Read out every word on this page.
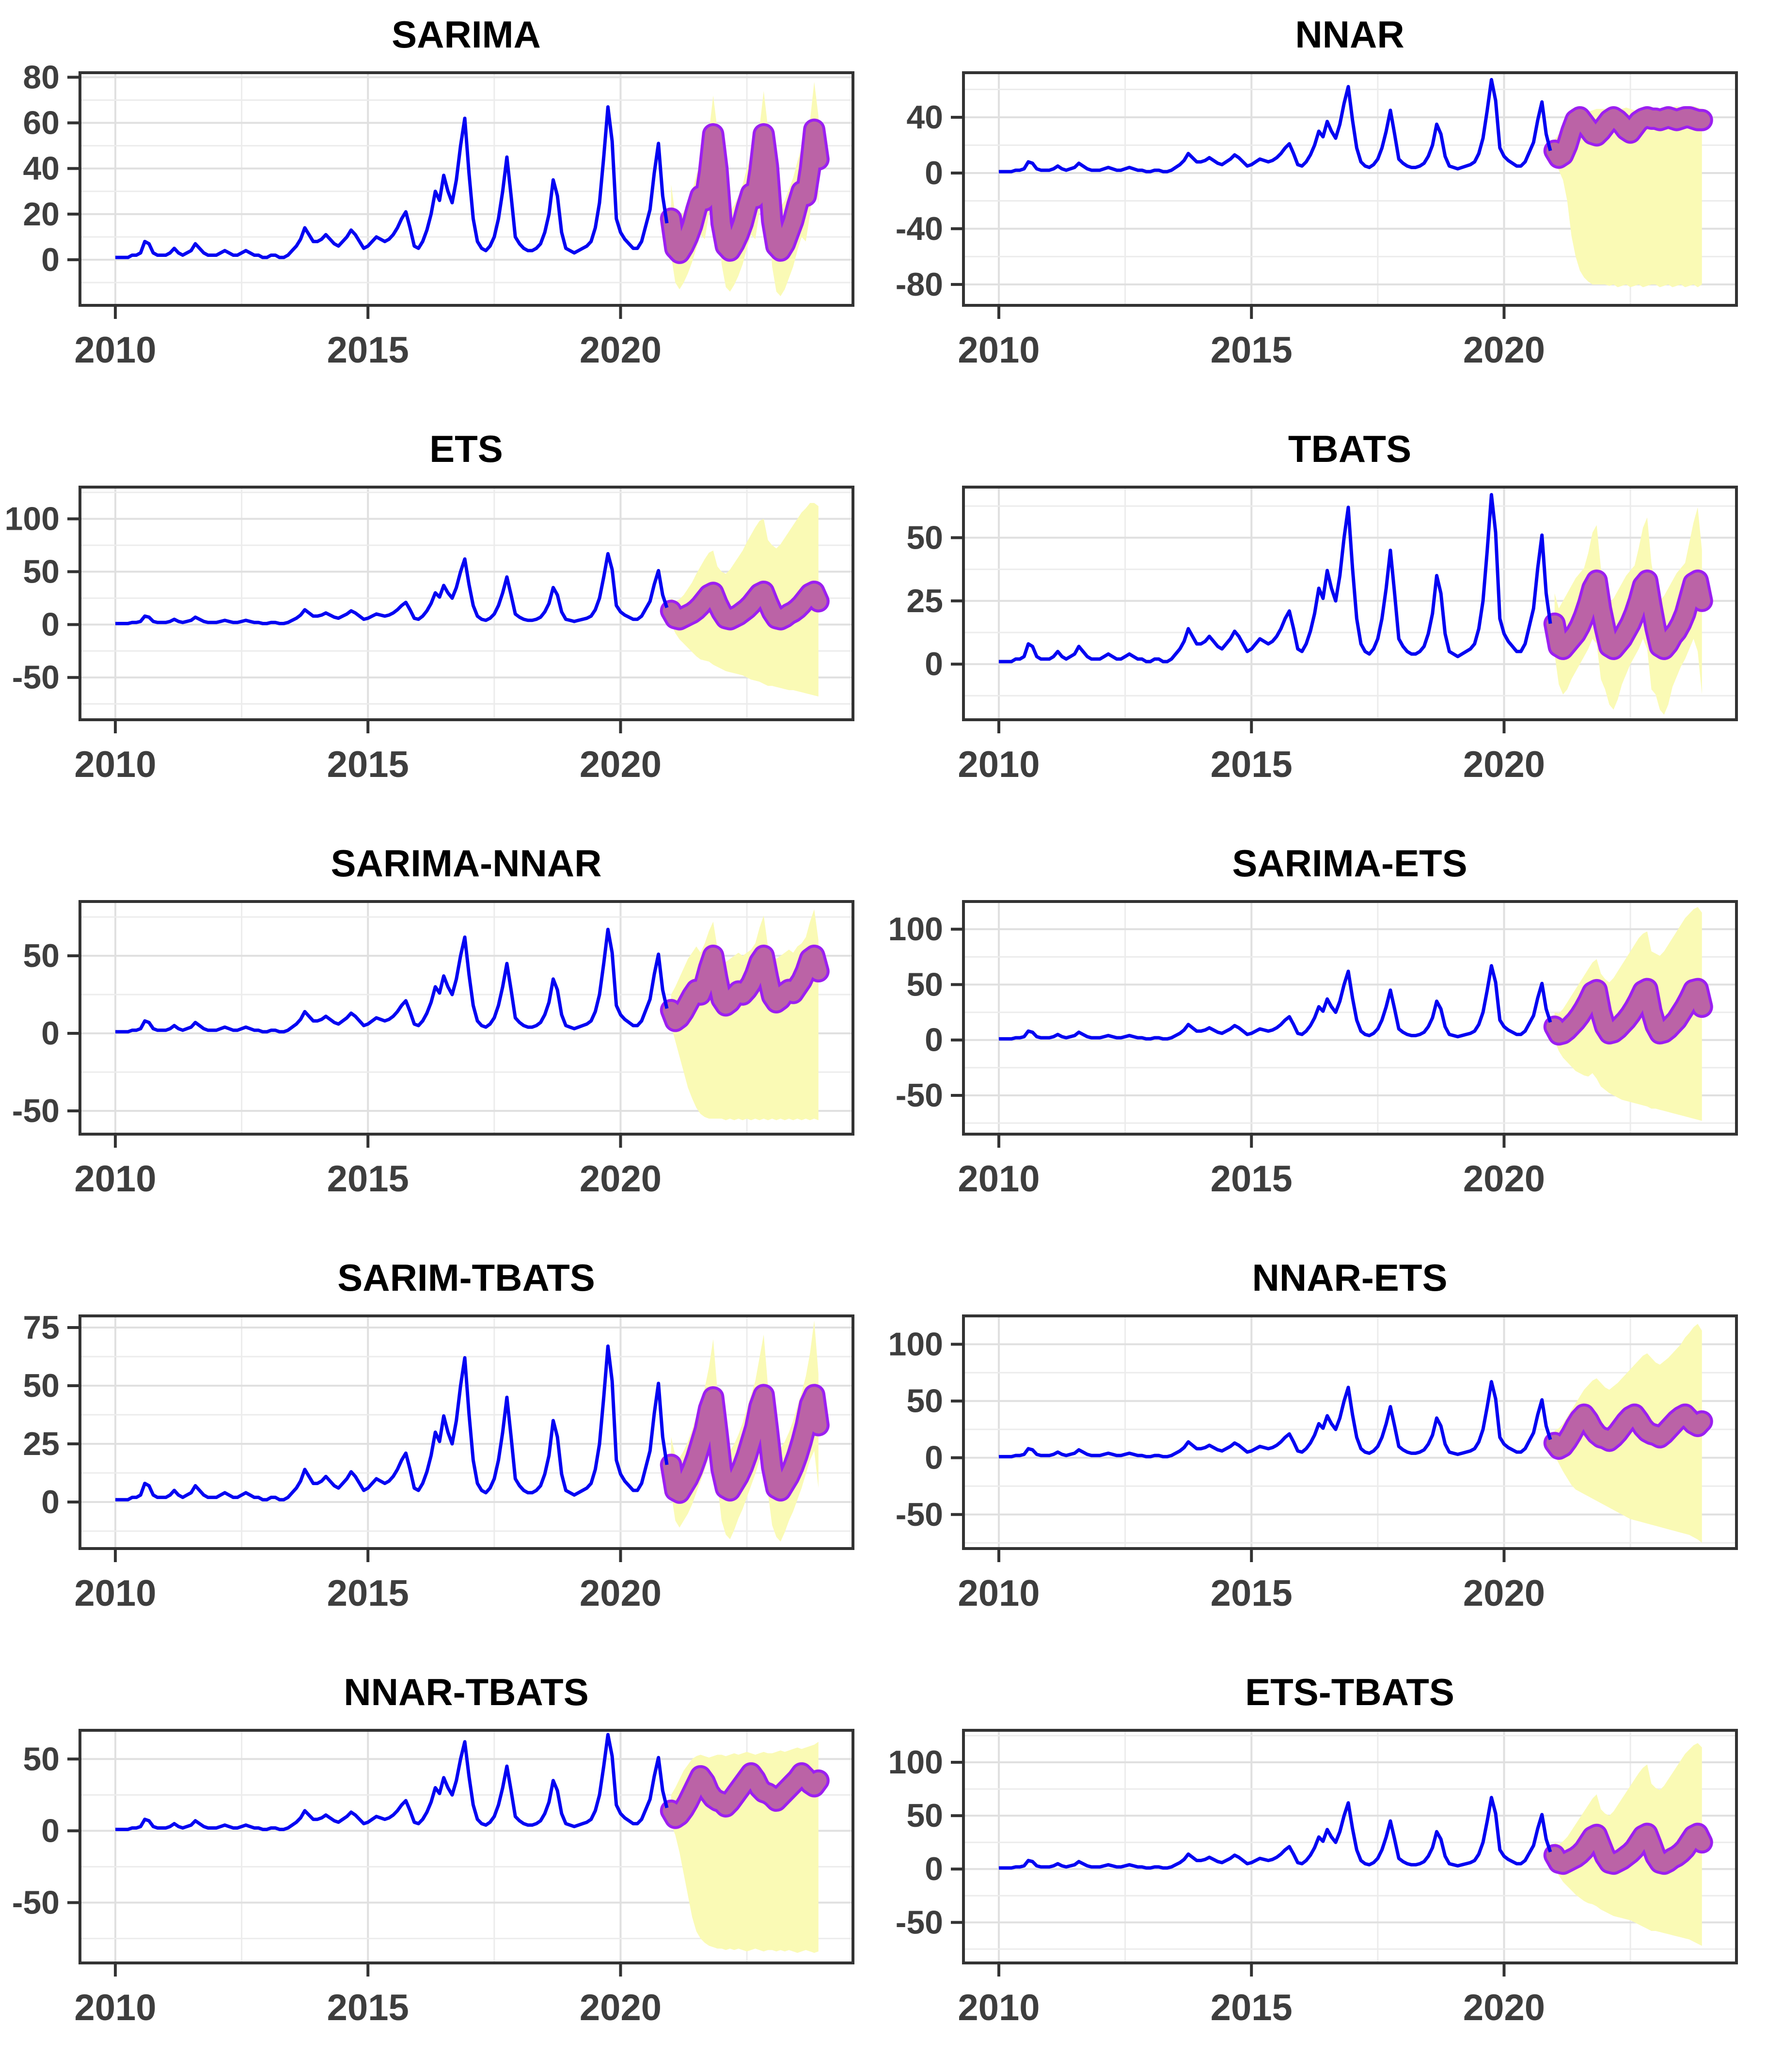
SARIMA
0
20
40
60
80
2010	2015	2020
NNAR
-80
-40
0
40
2010	2015	2020
ETS
-50
0
50
100
2010	2015	2020
TBATS
0
25
50
2010	2015	2020
SARIMA-NNAR
-50
0
50
2010	2015	2020
SARIMA-ETS
-50
0
50
100
2010	2015	2020
SARIM-TBATS
0
25
50
75
2010	2015	2020
NNAR-ETS
-50
0
50
100
2010	2015	2020
NNAR-TBATS
-50
0
50
2010	2015	2020
ETS-TBATS
-50
0
50
100
2010	2015	2020
